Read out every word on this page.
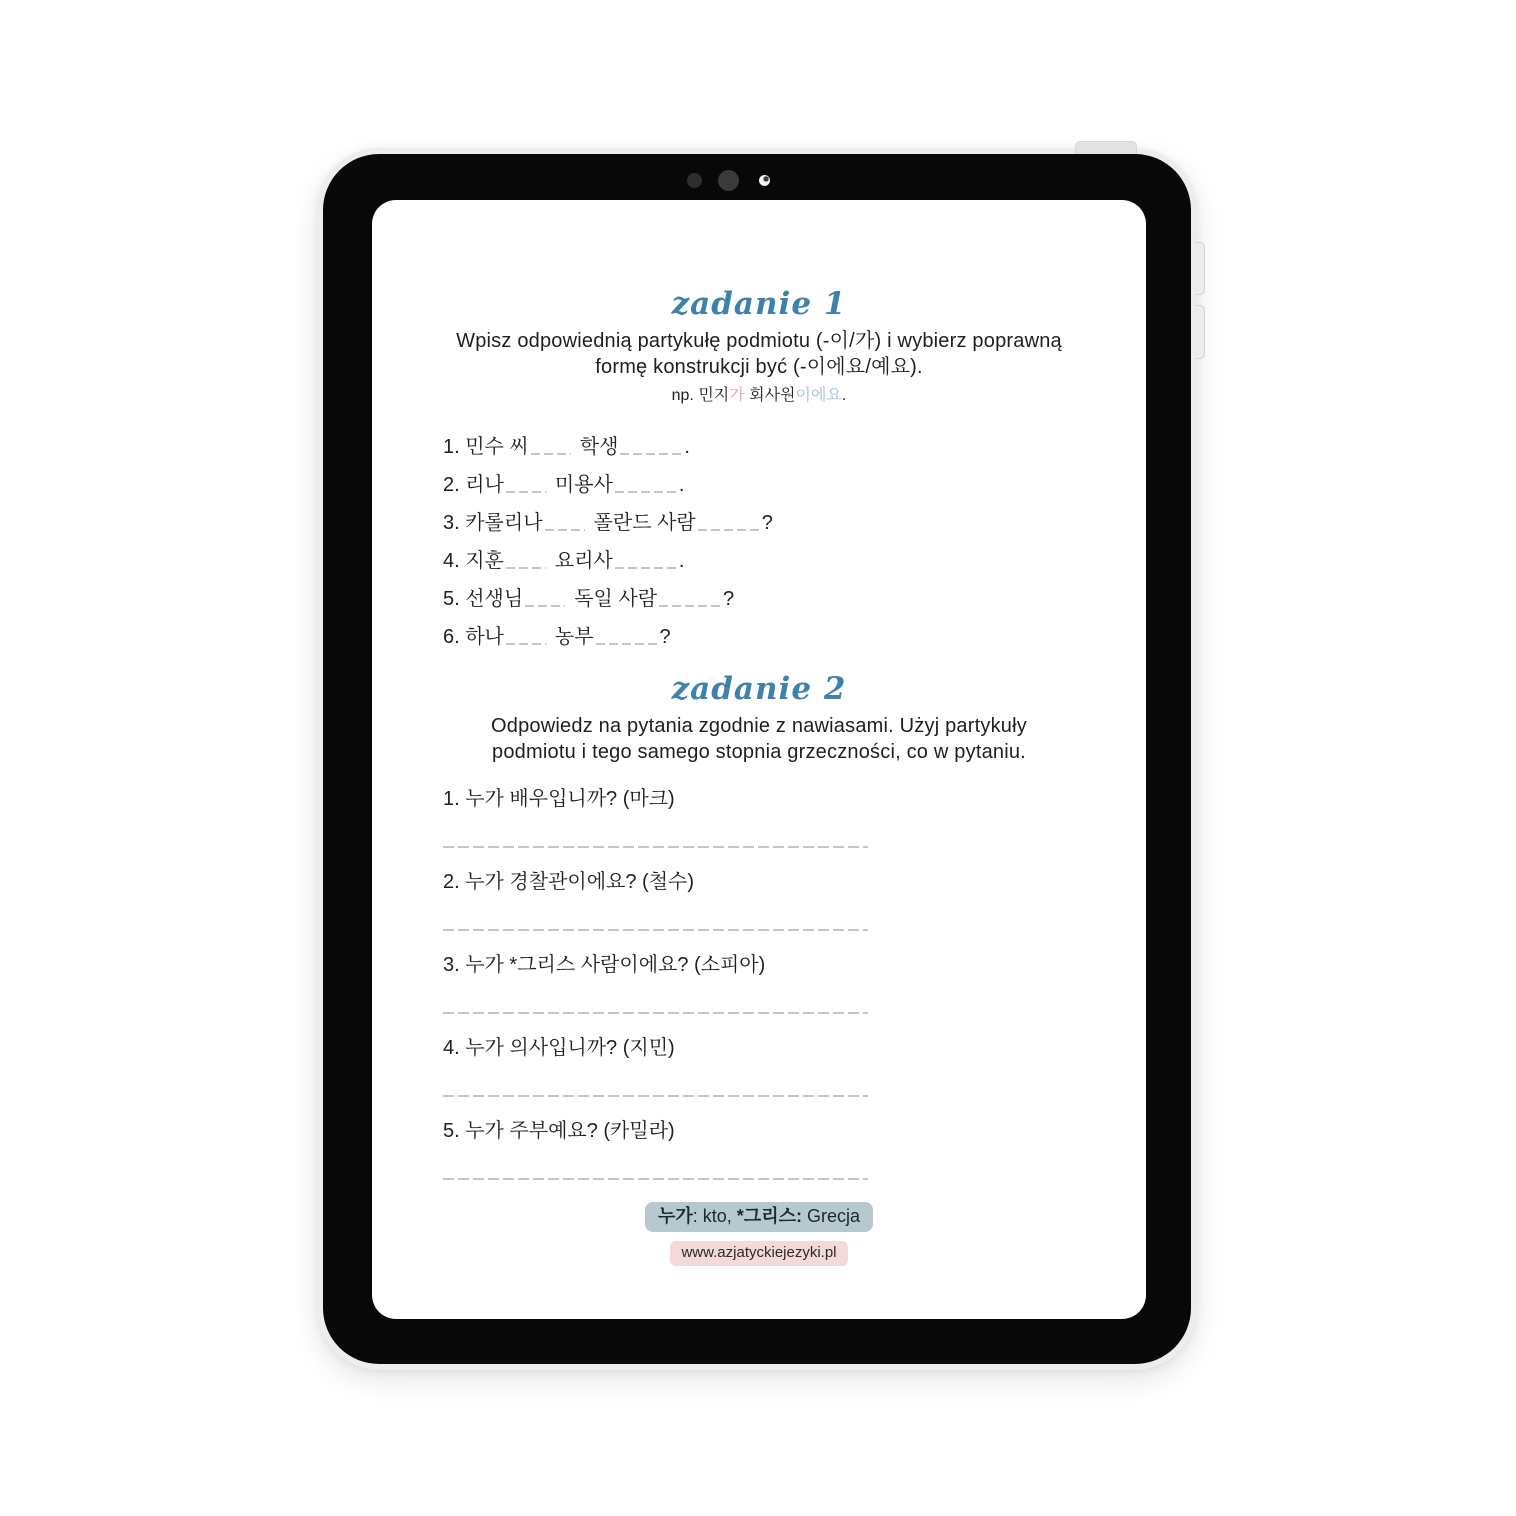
zadanie 1
Wpisz odpowiednią partykułę podmiotu (-이/가) i wybierz poprawną formę konstrukcji być (-이에요/예요).
np. 민지가 회사원이에요.
1. 민수 씨	학생	.
2. 리나	미용사	.
3. 카롤리나	폴란드 사람	?
4. 지훈	요리사	.
5. 선생님	독일 사람	?
6. 하나	농부	?
zadanie 2
Odpowiedz na pytania zgodnie z nawiasami. Użyj partykuły podmiotu i tego samego stopnia grzeczności, co w pytaniu.
1. 누가 배우입니까? (마크)
2. 누가 경찰관이에요? (철수)
3. 누가 *그리스 사람이에요? (소피아)
4. 누가 의사입니까? (지민)
5. 누가 주부예요? (카밀라)
누가: kto, *그리스: Grecja
www.azjatyckiejezyki.pl
